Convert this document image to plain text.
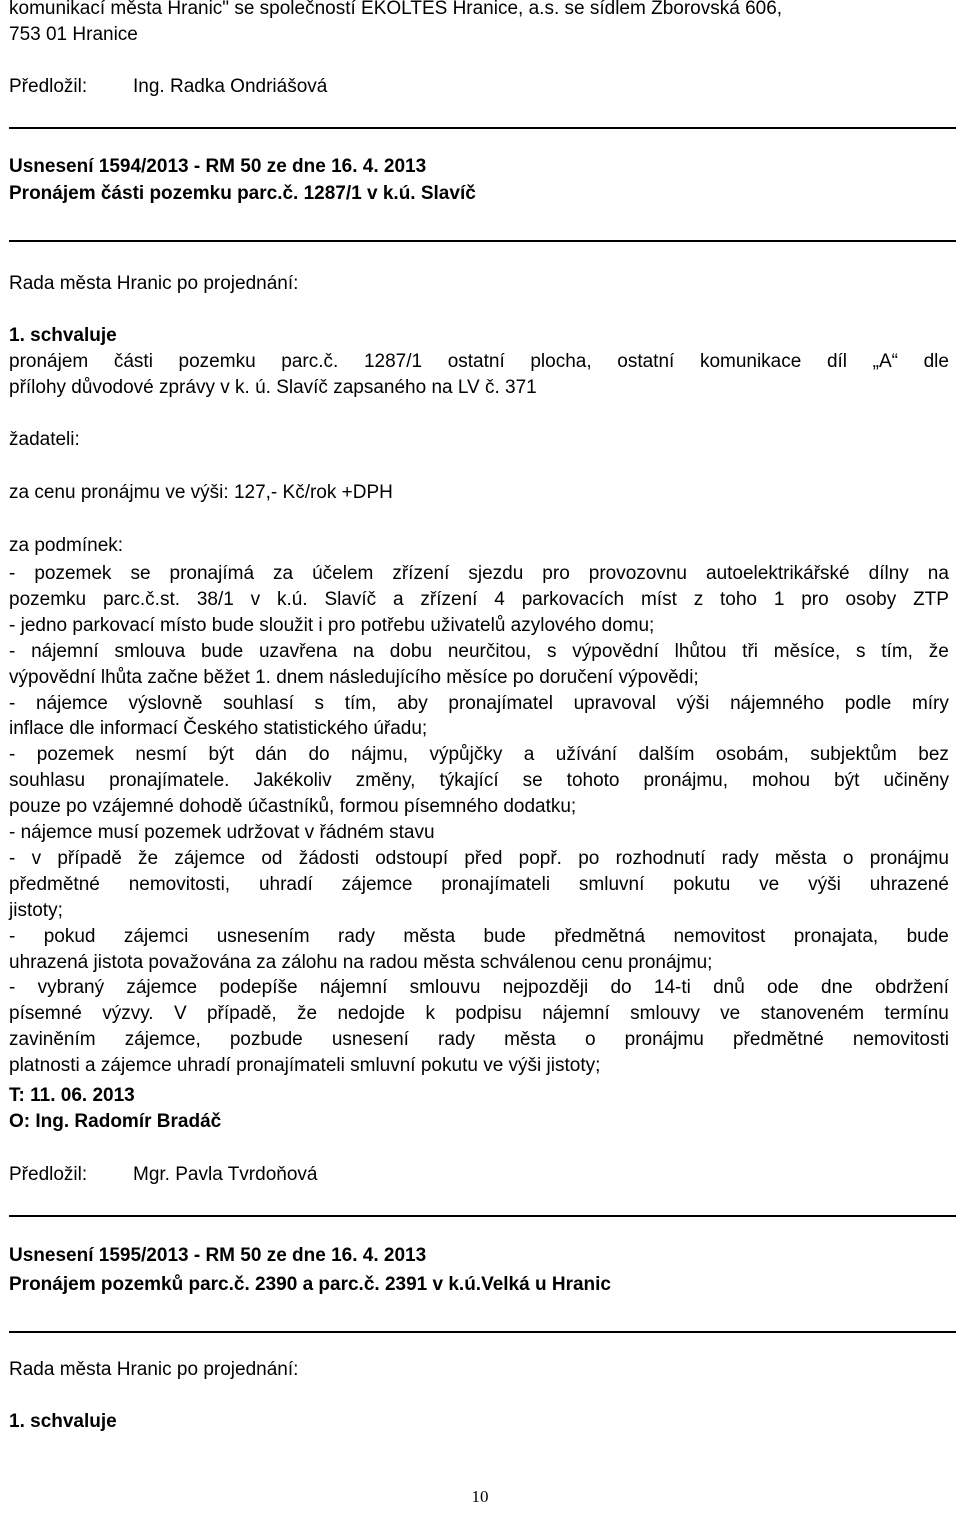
komunikací města Hranic" se společností EKOLTES Hranice, a.s. se sídlem Zborovská 606,
753 01 Hranice
Předložil: Ing. Radka Ondriášová
Usnesení 1594/2013 - RM 50 ze dne 16. 4. 2013
Pronájem části pozemku parc.č. 1287/1 v k.ú. Slavíč
Rada města Hranic po projednání:
1. schvaluje
pronájem části pozemku parc.č. 1287/1 ostatní plocha, ostatní komunikace díl „A“ dle
přílohy důvodové zprávy v k. ú. Slavíč zapsaného na LV č. 371
žadateli:
za cenu pronájmu ve výši: 127,- Kč/rok +DPH
za podmínek:
- pozemek se pronajímá za účelem zřízení sjezdu pro provozovnu autoelektrikářské dílny na
pozemku parc.č.st. 38/1 v k.ú. Slavíč a zřízení 4 parkovacích míst z toho 1 pro osoby ZTP
- jedno parkovací místo bude sloužit i pro potřebu uživatelů azylového domu;
- nájemní smlouva bude uzavřena na dobu neurčitou, s výpovědní lhůtou tři měsíce, s tím, že
výpovědní lhůta začne běžet 1. dnem následujícího měsíce po doručení výpovědi;
- nájemce výslovně souhlasí s tím, aby pronajímatel upravoval výši nájemného podle míry
inflace dle informací Českého statistického úřadu;
- pozemek nesmí být dán do nájmu, výpůjčky a užívání dalším osobám, subjektům bez
souhlasu pronajímatele. Jakékoliv změny, týkající se tohoto pronájmu, mohou být učiněny
pouze po vzájemné dohodě účastníků, formou písemného dodatku;
- nájemce musí pozemek udržovat v řádném stavu
- v případě že zájemce od žádosti odstoupí před popř. po rozhodnutí rady města o pronájmu
předmětné nemovitosti, uhradí zájemce pronajímateli smluvní pokutu ve výši uhrazené
jistoty;
- pokud zájemci usnesením rady města bude předmětná nemovitost pronajata, bude
uhrazená jistota považována za zálohu na radou města schválenou cenu pronájmu;
- vybraný zájemce podepíše nájemní smlouvu nejpozději do 14-ti dnů ode dne obdržení
písemné výzvy. V případě, že nedojde k podpisu nájemní smlouvy ve stanoveném termínu
zaviněním zájemce, pozbude usnesení rady města o pronájmu předmětné nemovitosti
platnosti a zájemce uhradí pronajímateli smluvní pokutu ve výši jistoty;
T: 11. 06. 2013
O: Ing. Radomír Bradáč
Předložil: Mgr. Pavla Tvrdoňová
Usnesení 1595/2013 - RM 50 ze dne 16. 4. 2013
Pronájem pozemků parc.č. 2390 a parc.č. 2391 v k.ú.Velká u Hranic
Rada města Hranic po projednání:
1. schvaluje
10
